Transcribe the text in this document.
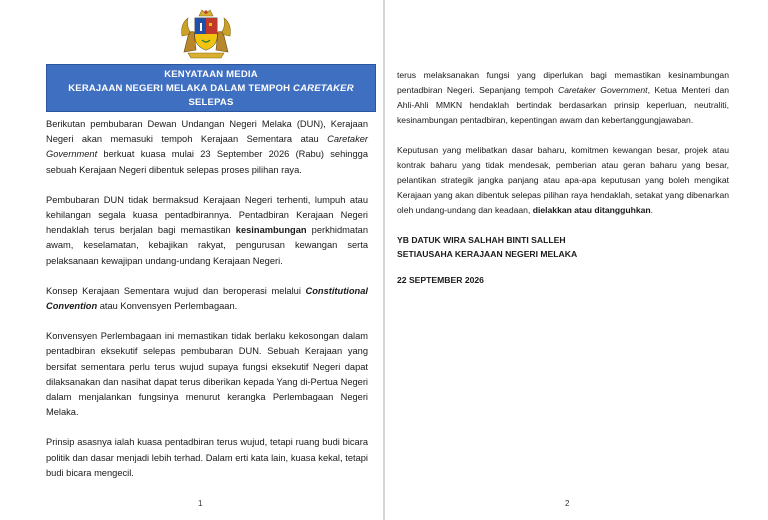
KENYATAAN MEDIA
KERAJAAN NEGERI MELAKA DALAM TEMPOH CARETAKER SELEPAS
PEMBUBARAN DEWAN UNDANGAN NEGERI

Berikutan pembubaran Dewan Undangan Negeri Melaka (DUN), Kerajaan Negeri akan memasuki tempoh Kerajaan Sementara atau Caretaker Government berkuat kuasa mulai 23 September 2026 (Rabu) sehingga sebuah Kerajaan Negeri dibentuk selepas proses pilihan raya.

Pembubaran DUN tidak bermaksud Kerajaan Negeri terhenti, lumpuh atau kehilangan segala kuasa pentadbirannya. Pentadbiran Kerajaan Negeri hendaklah terus berjalan bagi memastikan kesinambungan perkhidmatan awam, keselamatan, kebajikan rakyat, pengurusan kewangan serta pelaksanaan kewajipan undang-undang Kerajaan Negeri.

Konsep Kerajaan Sementara wujud dan beroperasi melalui Constitutional Convention atau Konvensyen Perlembagaan.

Konvensyen Perlembagaan ini memastikan tidak berlaku kekosongan dalam pentadbiran eksekutif selepas pembubaran DUN. Sebuah Kerajaan yang bersifat sementara perlu terus wujud supaya fungsi eksekutif Negeri dapat dilaksanakan dan nasihat dapat terus diberikan kepada Yang di-Pertua Negeri dalam menjalankan fungsinya menurut kerangka Perlembagaan Negeri Melaka.

Prinsip asasnya ialah kuasa pentadbiran terus wujud, tetapi ruang budi bicara politik dan dasar menjadi lebih terhad. Dalam erti kata lain, kuasa kekal, tetapi budi bicara mengecil.

1

terus melaksanakan fungsi yang diperlukan bagi memastikan kesinambungan pentadbiran Negeri. Sepanjang tempoh Caretaker Government, Ketua Menteri dan Ahli-Ahli MMKN hendaklah bertindak berdasarkan prinsip keperluan, neutraliti, kesinambungan pentadbiran, kepentingan awam dan kebertanggungjawaban.

Keputusan yang melibatkan dasar baharu, komitmen kewangan besar, projek atau kontrak baharu yang tidak mendesak, pemberian atau geran baharu yang besar, pelantikan strategik jangka panjang atau apa-apa keputusan yang boleh mengikat Kerajaan yang akan dibentuk selepas pilihan raya hendaklah, setakat yang dibenarkan oleh undang-undang dan keadaan, dielakkan atau ditangguhkan.

YB DATUK WIRA SALHAH BINTI SALLEH
SETIAUSAHA KERAJAAN NEGERI MELAKA
22 SEPTEMBER 2026
2
